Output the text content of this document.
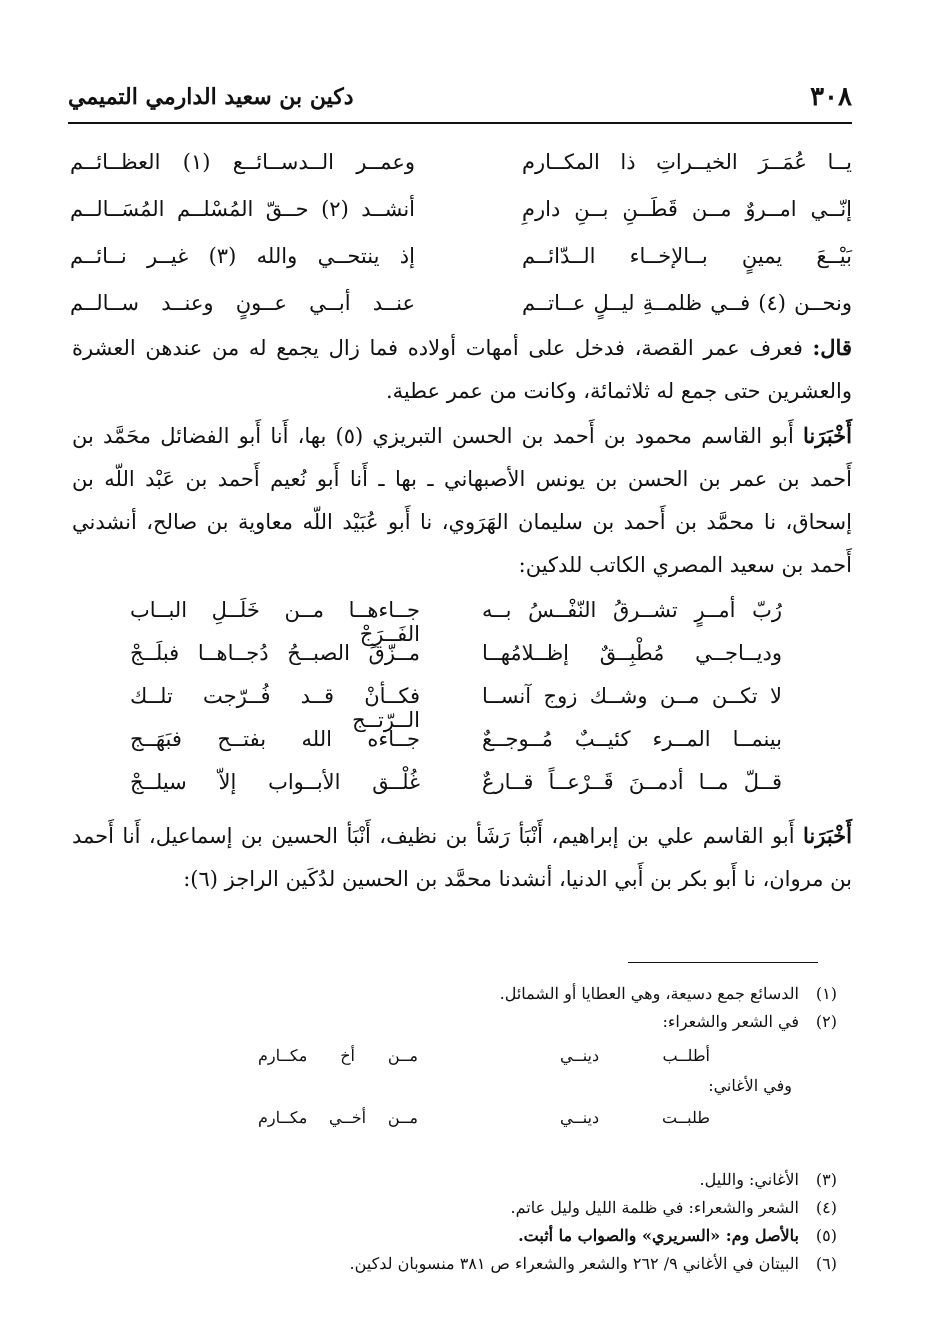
٣٠٨
دكين بن سعيد الدارمي التميمي
يــا عُمَــرَ الخيــراتِ ذا المكــارم
وعمــر الــدســائــع (١) العظــائــم
إنّــي امــروٌ مــن قَطَــنِ بــنِ دارمِ
أنشــد (٢) حــقّ المُسْلــم المُسَــالــم
بَيْــعَ يمينٍ بــالإخــاء الــدّائــم
إذ ينتحــي والله (٣) غيــر نــائــم
ونحــن (٤) فــي ظلمــةِ ليــلٍ عــاتــم
عنــد أبــي عــونٍ وعنــد ســالــم
قال: فعرف عمر القصة، فدخل على أمهات أولاده فما زال يجمع له من عندهن العشرة والعشرين حتى جمع له ثلاثمائة، وكانت من عمر عطية.
أَخْبَرَنا أَبو القاسم محمود بن أَحمد بن الحسن التبريزي (٥) بها، أَنا أَبو الفضائل محَمَّد بن أَحمد بن عمر بن الحسن بن يونس الأصبهاني ـ بها ـ أَنا أَبو نُعيم أَحمد بن عَبْد اللّه بن إسحاق، نا محمَّد بن أَحمد بن سليمان الهَرَوي، نا أَبو عُبَيْد اللّه معاوية بن صالح، أنشدني أَحمد بن سعيد المصري الكاتب للدكين:
رُبّ أمــرٍ تشــرقُ النّفْــسُ بــه
جــاءهــا مــن خَلَــلِ البــاب الفَــرَجْ
وديــاجــي مُطْبِــقٌ إظــلامُهــا
مــزّقَ الصبــحُ دُجــاهــا فبلَــجْ
لا تكــن مــن وشــك زوج آنســا
فكــأنْ قــد فُــرّجت تلــك الــرّتــج
بينمــا المــرء كئيــبٌ مُــوجــعٌ
جــاءه الله بفتــح فبَهَــج
قــلّ مــا أدمــنَ قَــرْعــاً قــارعٌ
غُلْــق الأبــواب إلاّ سيلــجْ
أَخْبَرَنا أَبو القاسم علي بن إبراهيم، أَنْبَأ رَشَأ بن نظيف، أَنْبَأ الحسين بن إسماعيل، أَنا أَحمد بن مروان، نا أَبو بكر بن أَبي الدنيا، أنشدنا محمَّد بن الحسين لدُكَين الراجز (٦):
(١)
الدسائع جمع دسيعة، وهي العطايا أو الشمائل.
(٢)
في الشعر والشعراء:
أطلــب دينــي
مــن أخ مكــارم
وفي الأغاني:
طلبــت دينــي
مــن أخــي مكــارم
(٣)
الأغاني: والليل.
(٤)
الشعر والشعراء: في ظلمة الليل وليل عاتم.
(٥)
بالأصل وم: «السريري» والصواب ما أثبت.
(٦)
البيتان في الأغاني ٩/ ٢٦٢ والشعر والشعراء ص ٣٨١ منسوبان لدكين.
